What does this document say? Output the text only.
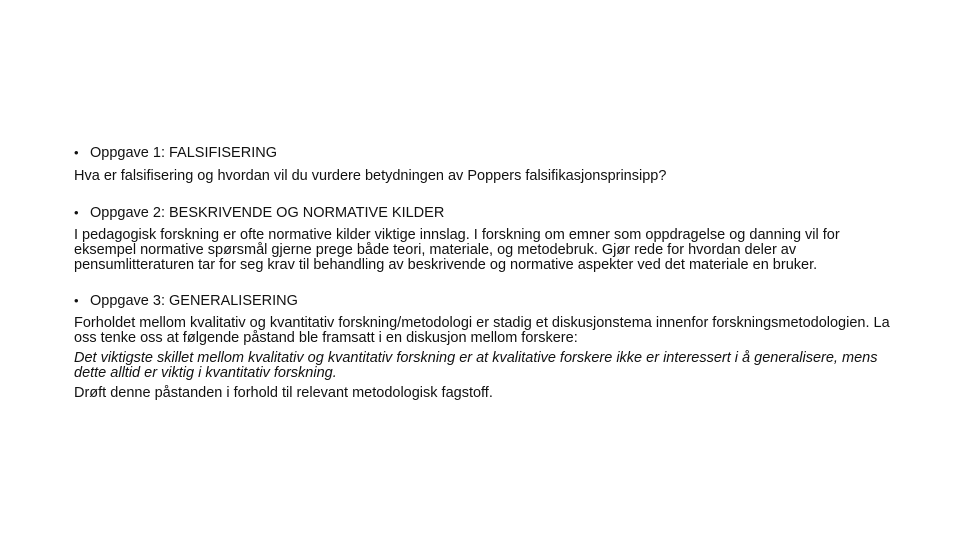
• Oppgave 1: FALSIFISERING

Hva er falsifisering og hvordan vil du vurdere betydningen av Poppers falsifikasjonsprinsipp?

• Oppgave 2: BESKRIVENDE OG NORMATIVE KILDER

I pedagogisk forskning er ofte normative kilder viktige innslag. I forskning om emner som oppdragelse og danning vil for eksempel normative spørsmål gjerne prege både teori, materiale, og metodebruk. Gjør rede for hvordan deler av pensumlitteraturen tar for seg krav til behandling av beskrivende og normative aspekter ved det materiale en bruker.

• Oppgave 3: GENERALISERING

Forholdet mellom kvalitativ og kvantitativ forskning/metodologi er stadig et diskusjonstema innenfor forskningsmetodologien. La oss tenke oss at følgende påstand ble framsatt i en diskusjon mellom forskere:

Det viktigste skillet mellom kvalitativ og kvantitativ forskning er at kvalitative forskere ikke er interessert i å generalisere, mens dette alltid er viktig i kvantitativ forskning.

Drøft denne påstanden i forhold til relevant metodologisk fagstoff.
